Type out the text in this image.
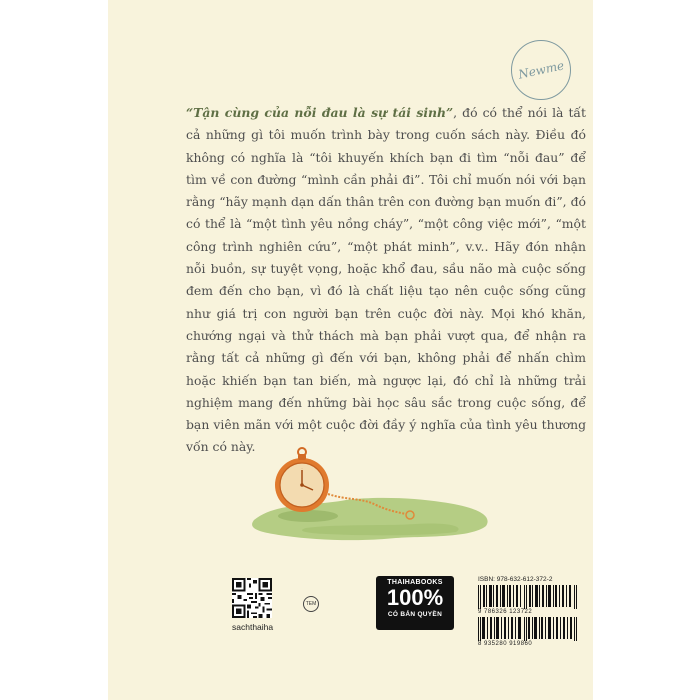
Newme
“Tận cùng của nỗi đau là sự tái sinh”, đó có thể nói là tất cả những gì tôi muốn trình bày trong cuốn sách này. Điều đó không có nghĩa là “tôi khuyến khích bạn đi tìm “nỗi đau” để tìm về con đường “mình cần phải đi”. Tôi chỉ muốn nói với bạn rằng “hãy mạnh dạn dấn thân trên con đường bạn muốn đi”, đó có thể là “một tình yêu nồng cháy”, “một công việc mới”, “một công trình nghiên cứu”, “một phát minh”, v.v.. Hãy đón nhận nỗi buồn, sự tuyệt vọng, hoặc khổ đau, sầu não mà cuộc sống đem đến cho bạn, vì đó là chất liệu tạo nên cuộc sống cũng như giá trị con người bạn trên cuộc đời này. Mọi khó khăn, chướng ngại và thử thách mà bạn phải vượt qua, để nhận ra rằng tất cả những gì đến với bạn, không phải để nhấn chìm hoặc khiến bạn tan biến, mà ngược lại, đó chỉ là những trải nghiệm mang đến những bài học sâu sắc trong cuộc sống, để bạn viên mãn với một cuộc đời đầy ý nghĩa của tình yêu thương vốn có này.
·
sachthaiha
TEM
THAIHABOOKS
100%
CÓ BẢN QUYỀN
ISBN: 978-632-612-372-2
9 786326 123722
8 935280 919860
